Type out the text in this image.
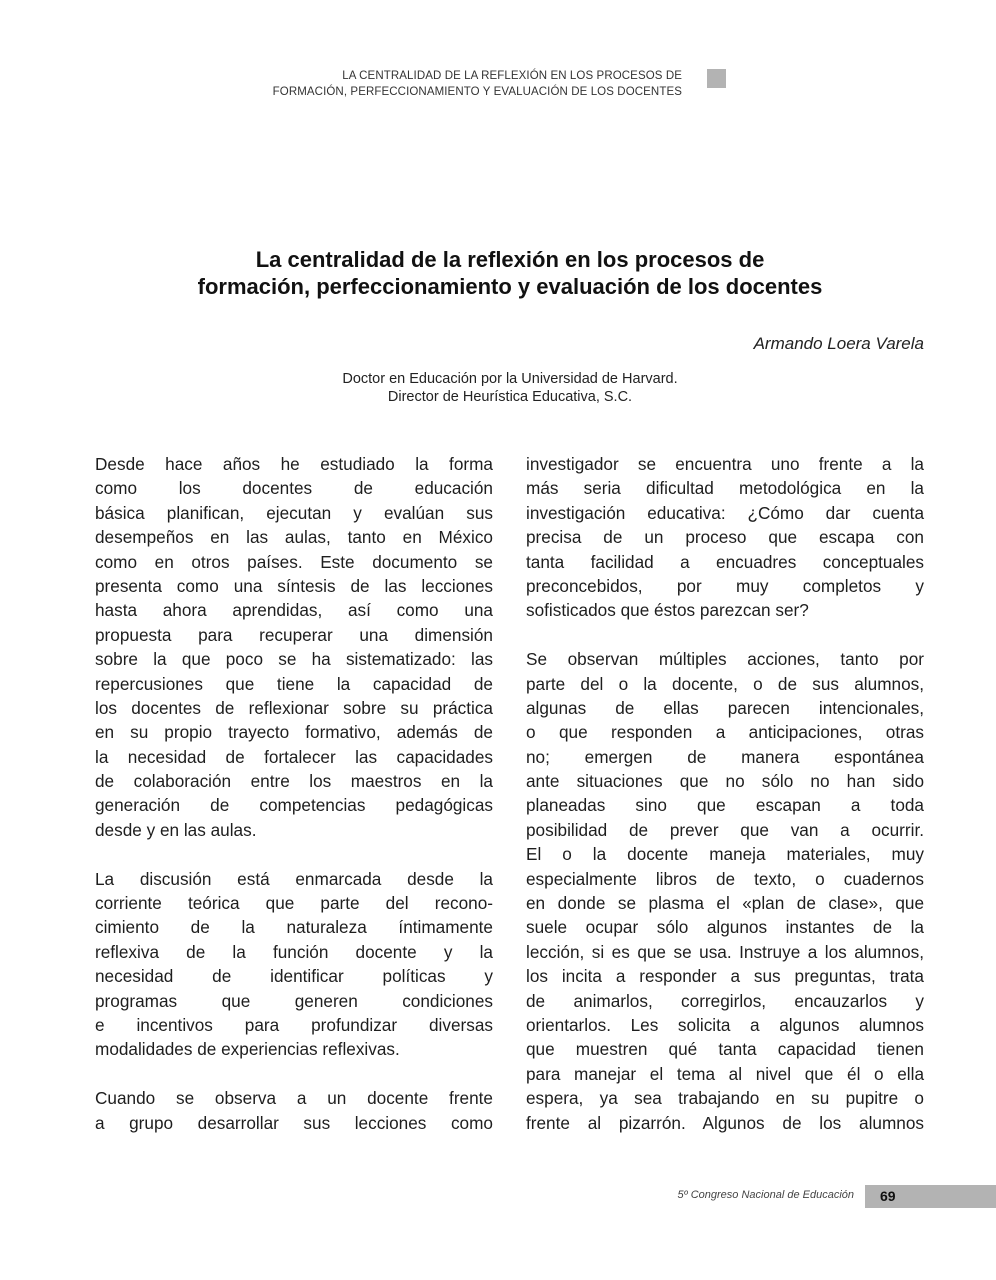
LA CENTRALIDAD DE LA REFLEXIÓN EN LOS PROCESOS DE
FORMACIÓN, PERFECCIONAMIENTO Y EVALUACIÓN DE LOS DOCENTES
La centralidad de la reflexión en los procesos de
formación, perfeccionamiento y evaluación de los docentes
Armando Loera Varela
Doctor en Educación por la Universidad de Harvard.
Director de Heurística Educativa, S.C.

Desde hace años he estudiado la forma
como los docentes de educación
básica planifican, ejecutan y evalúan sus
desempeños en las aulas, tanto en México
como en otros países. Este documento se
presenta como una síntesis de las lecciones
hasta ahora aprendidas, así como una
propuesta para recuperar una dimensión
sobre la que poco se ha sistematizado: las
repercusiones que tiene la capacidad de
los docentes de reflexionar sobre su práctica
en su propio trayecto formativo, además de
la necesidad de fortalecer las capacidades
de colaboración entre los maestros en la
generación de competencias pedagógicas
desde y en las aulas.

La discusión está enmarcada desde la
corriente teórica que parte del recono-
cimiento de la naturaleza íntimamente
reflexiva de la función docente y la
necesidad de identificar políticas y
programas que generen condiciones
e incentivos para profundizar diversas
modalidades de experiencias reflexivas.

Cuando se observa a un docente frente
a grupo desarrollar sus lecciones como

investigador se encuentra uno frente a la
más seria dificultad metodológica en la
investigación educativa: ¿Cómo dar cuenta
precisa de un proceso que escapa con
tanta facilidad a encuadres conceptuales
preconcebidos, por muy completos y
sofisticados que éstos parezcan ser?

Se observan múltiples acciones, tanto por
parte del o la docente, o de sus alumnos,
algunas de ellas parecen intencionales,
o que responden a anticipaciones, otras
no; emergen de manera espontánea
ante situaciones que no sólo no han sido
planeadas sino que escapan a toda
posibilidad de prever que van a ocurrir.
El o la docente maneja materiales, muy
especialmente libros de texto, o cuadernos
en donde se plasma el «plan de clase», que
suele ocupar sólo algunos instantes de la
lección, si es que se usa. Instruye a los alumnos,
los incita a responder a sus preguntas, trata
de animarlos, corregirlos, encauzarlos y
orientarlos. Les solicita a algunos alumnos
que muestren qué tanta capacidad tienen
para manejar el tema al nivel que él o ella
espera, ya sea trabajando en su pupitre o
frente al pizarrón. Algunos de los alumnos

5º Congreso Nacional de Educación 69
